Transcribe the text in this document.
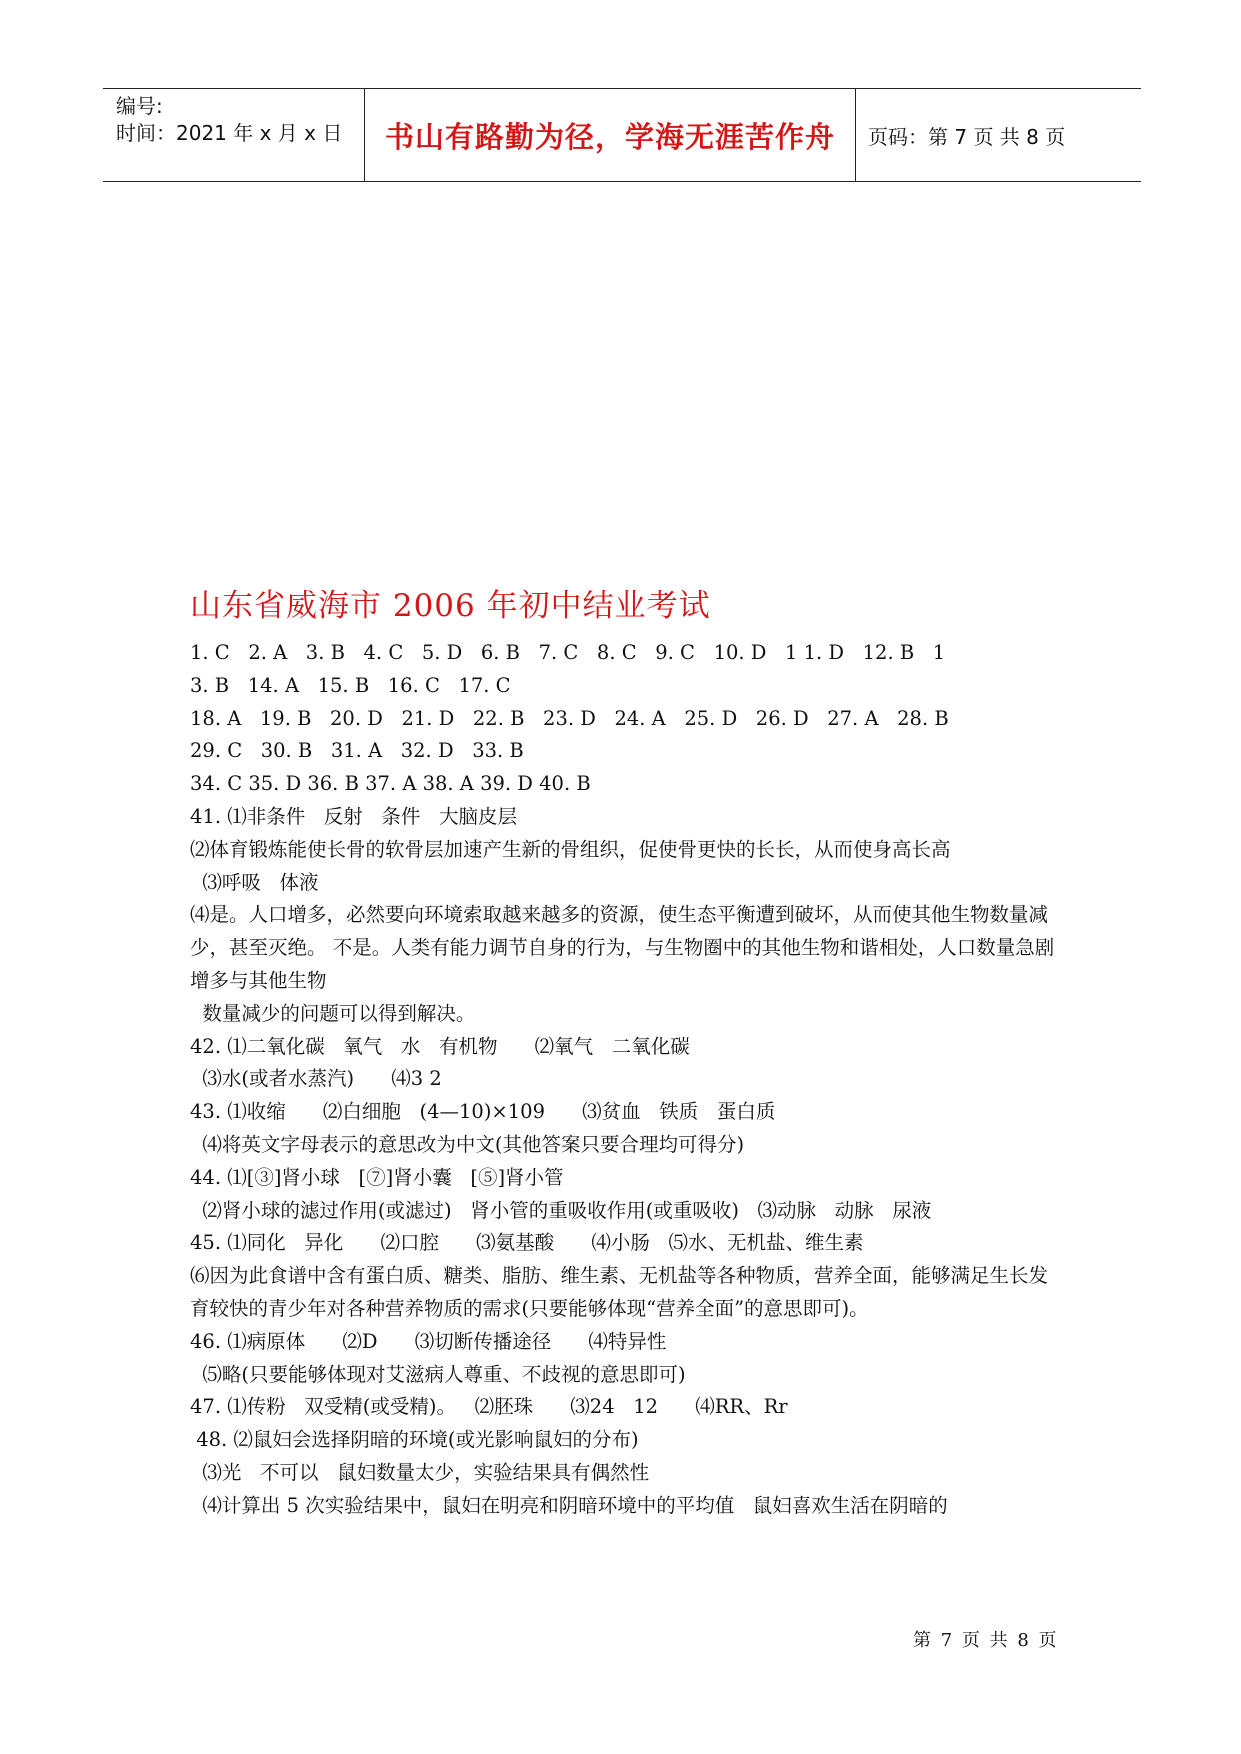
编号:
时间：2021 年 x 月 x 日	书山有路勤为径，学海无涯苦作舟 页码：第 7 页 共 8 页
山东省威海市 2006 年初中结业考试
1. C   2. A   3. B   4. C   5. D   6. B   7. C   8. C   9. C   10. D   1 1. D   12. B   1
3. B   14. A   15. B   16. C   17. C
18. A   19. B   20. D   21. D   22. B   23. D   24. A   25. D   26. D   27. A   28. B
29. C   30. B   31. A   32. D   33. B
34. C 35. D 36. B 37. A 38. A 39. D 40. B
41. ⑴非条件   反射   条件   大脑皮层
⑵体育锻炼能使长骨的软骨层加速产生新的骨组织，促使骨更快的长长，从而使身高长高
⑶呼吸   体液
⑷是。人口增多，必然要向环境索取越来越多的资源，使生态平衡遭到破坏，从而使其他生物数量减少，甚至灭绝。 不是。人类有能力调节自身的行为，与生物圈中的其他生物和谐相处，人口数量急剧增多与其他生物
数量减少的问题可以得到解决。
42. ⑴二氧化碳   氧气   水   有机物      ⑵氧气   二氧化碳
⑶水(或者水蒸汽)      ⑷3 2
43. ⑴收缩      ⑵白细胞   (4—10)×109      ⑶贫血   铁质   蛋白质
⑷将英文字母表示的意思改为中文(其他答案只要合理均可得分)
44. ⑴[③]肾小球   [⑦]肾小囊   [⑤]肾小管
⑵肾小球的滤过作用(或滤过)   肾小管的重吸收作用(或重吸收)   ⑶动脉   动脉   尿液
45. ⑴同化   异化      ⑵口腔      ⑶氨基酸      ⑷小肠   ⑸水、无机盐、维生素
⑹因为此食谱中含有蛋白质、糖类、脂肪、维生素、无机盐等各种物质，营养全面，能够满足生长发育较快的青少年对各种营养物质的需求(只要能够体现“营养全面”的意思即可)。
46. ⑴病原体      ⑵D      ⑶切断传播途径      ⑷特异性
⑸略(只要能够体现对艾滋病人尊重、不歧视的意思即可)
47. ⑴传粉   双受精(或受精)。   ⑵胚珠      ⑶24   12      ⑷RR、Rr
48. ⑵鼠妇会选择阴暗的环境(或光影响鼠妇的分布)
⑶光   不可以   鼠妇数量太少，实验结果具有偶然性
⑷计算出 5 次实验结果中，鼠妇在明亮和阴暗环境中的平均值   鼠妇喜欢生活在阴暗的
第 7 页 共 8 页
